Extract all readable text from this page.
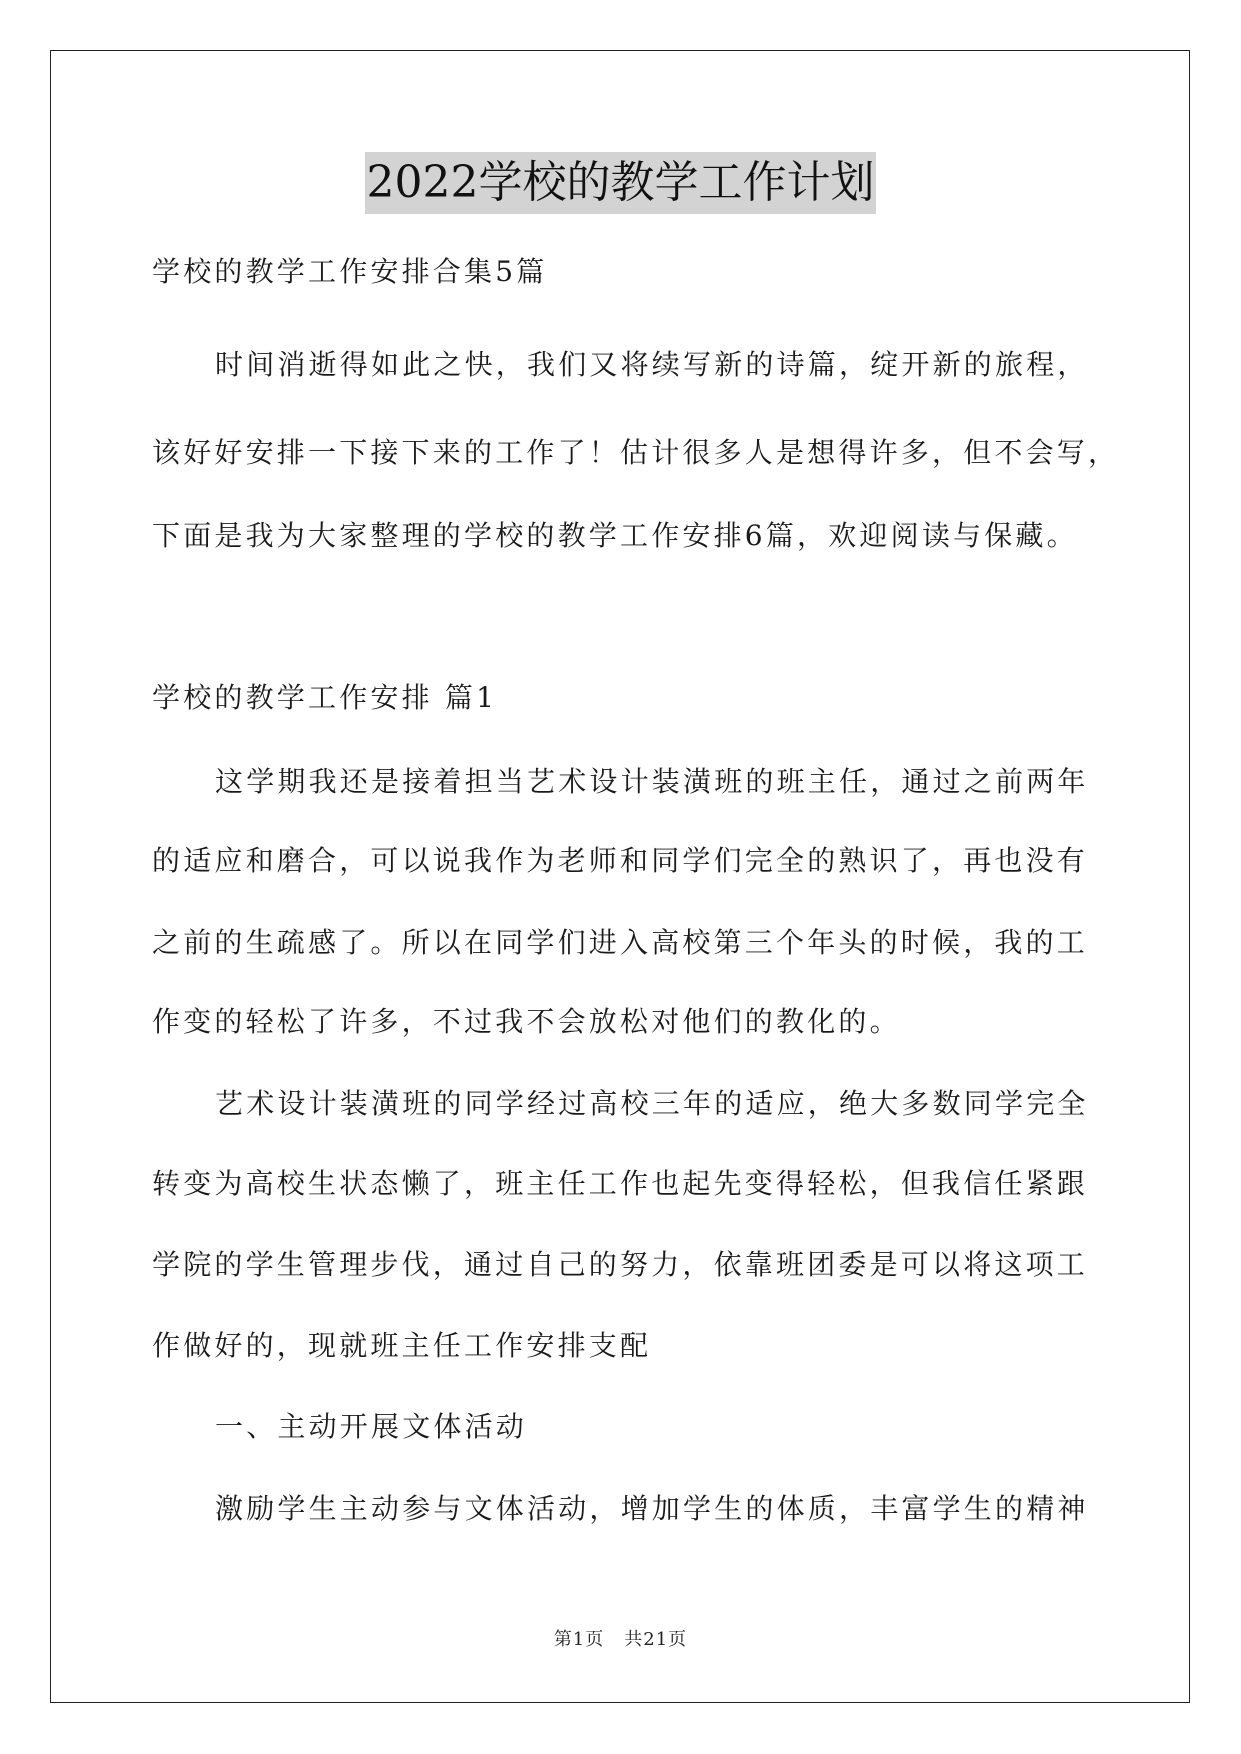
2022学校的教学工作计划
学校的教学工作安排合集5篇
时间消逝得如此之快，我们又将续写新的诗篇，绽开新的旅程，
该好好安排一下接下来的工作了！估计很多人是想得许多，但不会写，
下面是我为大家整理的学校的教学工作安排6篇，欢迎阅读与保藏。
学校的教学工作安排 篇1
这学期我还是接着担当艺术设计装潢班的班主任，通过之前两年
的适应和磨合，可以说我作为老师和同学们完全的熟识了，再也没有
之前的生疏感了。所以在同学们进入高校第三个年头的时候，我的工
作变的轻松了许多，不过我不会放松对他们的教化的。
艺术设计装潢班的同学经过高校三年的适应，绝大多数同学完全
转变为高校生状态懒了，班主任工作也起先变得轻松，但我信任紧跟
学院的学生管理步伐，通过自己的努力，依靠班团委是可以将这项工
作做好的，现就班主任工作安排支配
一、主动开展文体活动
激励学生主动参与文体活动，增加学生的体质，丰富学生的精神
第1页 共21页
